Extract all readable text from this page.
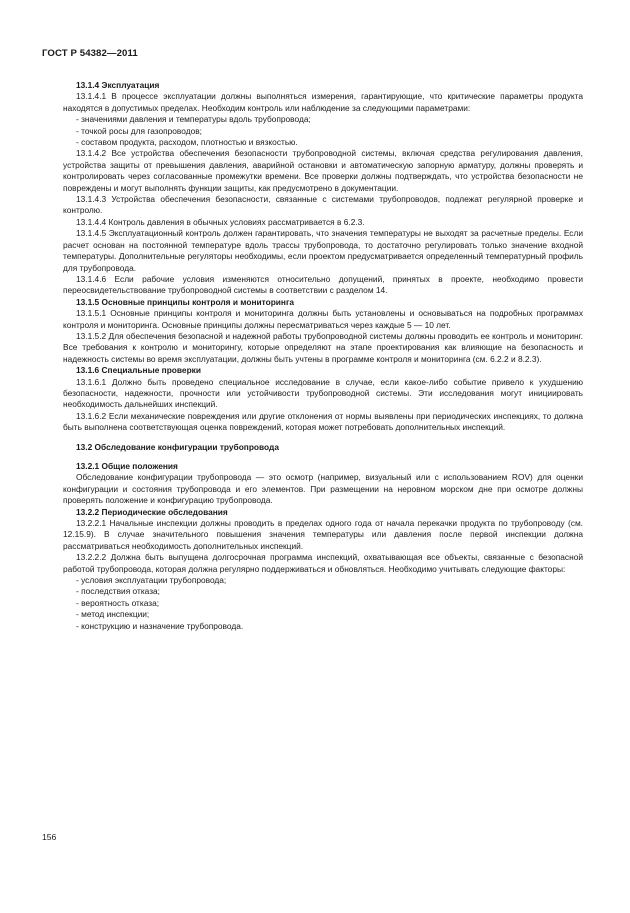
ГОСТ Р 54382—2011

13.1.4 Эксплуатация

13.1.4.1 В процессе эксплуатации должны выполняться измерения, гарантирующие, что критические параметры продукта находятся в допустимых пределах. Необходим контроль или наблюдение за следующими параметрами:

- значениями давления и температуры вдоль трубопровода;

- точкой росы для газопроводов;

- составом продукта, расходом, плотностью и вязкостью.

13.1.4.2 Все устройства обеспечения безопасности трубопроводной системы, включая средства регулирования давления, устройства защиты от превышения давления, аварийной остановки и автоматическую запорную арматуру, должны проверять и контролировать через согласованные промежутки времени. Все проверки должны подтверждать, что устройства безопасности не повреждены и могут выполнять функции защиты, как предусмотрено в документации.

13.1.4.3 Устройства обеспечения безопасности, связанные с системами трубопроводов, подлежат регулярной проверке и контролю.

13.1.4.4 Контроль давления в обычных условиях рассматривается в 6.2.3.

13.1.4.5 Эксплуатационный контроль должен гарантировать, что значения температуры не выходят за расчетные пределы. Если расчет основан на постоянной температуре вдоль трассы трубопровода, то достаточно регулировать только значение входной температуры. Дополнительные регуляторы необходимы, если проектом предусматривается определенный температурный профиль для трубопровода.

13.1.4.6 Если рабочие условия изменяются относительно допущений, принятых в проекте, необходимо провести переосвидетельствование трубопроводной системы в соответствии с разделом 14.

13.1.5 Основные принципы контроля и мониторинга

13.1.5.1 Основные принципы контроля и мониторинга должны быть установлены и основываться на подробных программах контроля и мониторинга. Основные принципы должны пересматриваться через каждые 5 — 10 лет.

13.1.5.2 Для обеспечения безопасной и надежной работы трубопроводной системы должны проводить ее контроль и мониторинг. Все требования к контролю и мониторингу, которые определяют на этапе проектирования как влияющие на безопасность и надежность системы во время эксплуатации, должны быть учтены в программе контроля и мониторинга (см. 6.2.2 и 8.2.3).

13.1.6 Специальные проверки

13.1.6.1 Должно быть проведено специальное исследование в случае, если какое-либо событие привело к ухудшению безопасности, надежности, прочности или устойчивости трубопроводной системы. Эти исследования могут инициировать необходимость дальнейших инспекций.

13.1.6.2 Если механические повреждения или другие отклонения от нормы выявлены при периодических инспекциях, то должна быть выполнена соответствующая оценка повреждений, которая может потребовать дополнительных инспекций.

13.2 Обследование конфигурации трубопровода

13.2.1 Общие положения

Обследование конфигурации трубопровода — это осмотр (например, визуальный или с использованием ROV) для оценки конфигурации и состояния трубопровода и его элементов. При размещении на неровном морском дне при осмотре должны проверять положение и конфигурацию трубопровода.

13.2.2 Периодические обследования

13.2.2.1 Начальные инспекции должны проводить в пределах одного года от начала перекачки продукта по трубопроводу (см. 12.15.9). В случае значительного повышения значения температуры или давления после первой инспекции должна рассматриваться необходимость дополнительных инспекций.

13.2.2.2 Должна быть выпущена долгосрочная программа инспекций, охватывающая все объекты, связанные с безопасной работой трубопровода, которая должна регулярно поддерживаться и обновляться. Необходимо учитывать следующие факторы:

- условия эксплуатации трубопровода;

- последствия отказа;

- вероятность отказа;

- метод инспекции;

- конструкцию и назначение трубопровода.

156
